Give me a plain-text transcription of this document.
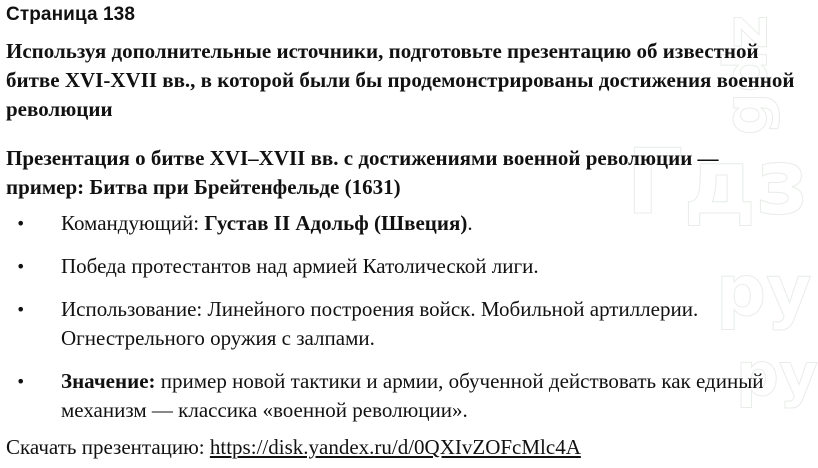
gdz
Гдз
ру
ру
Страница 138
Используя дополнительные источники, подготовьте презентацию об известной битве XVI-XVII вв., в которой были бы продемонстрированы достижения военной революции
Презентация о битве XVI–XVII вв. с достижениями военной революции — пример: Битва при Брейтенфельде (1631)
• Командующий: Густав II Адольф (Швеция).
• Победа протестантов над армией Католической лиги.
• Использование: Линейного построения войск. Мобильной артиллерии. Огнестрельного оружия с залпами.
• Значение: пример новой тактики и армии, обученной действовать как единый механизм — классика «военной революции».
Скачать презентацию: https://disk.yandex.ru/d/0QXIvZOFcMlc4A
